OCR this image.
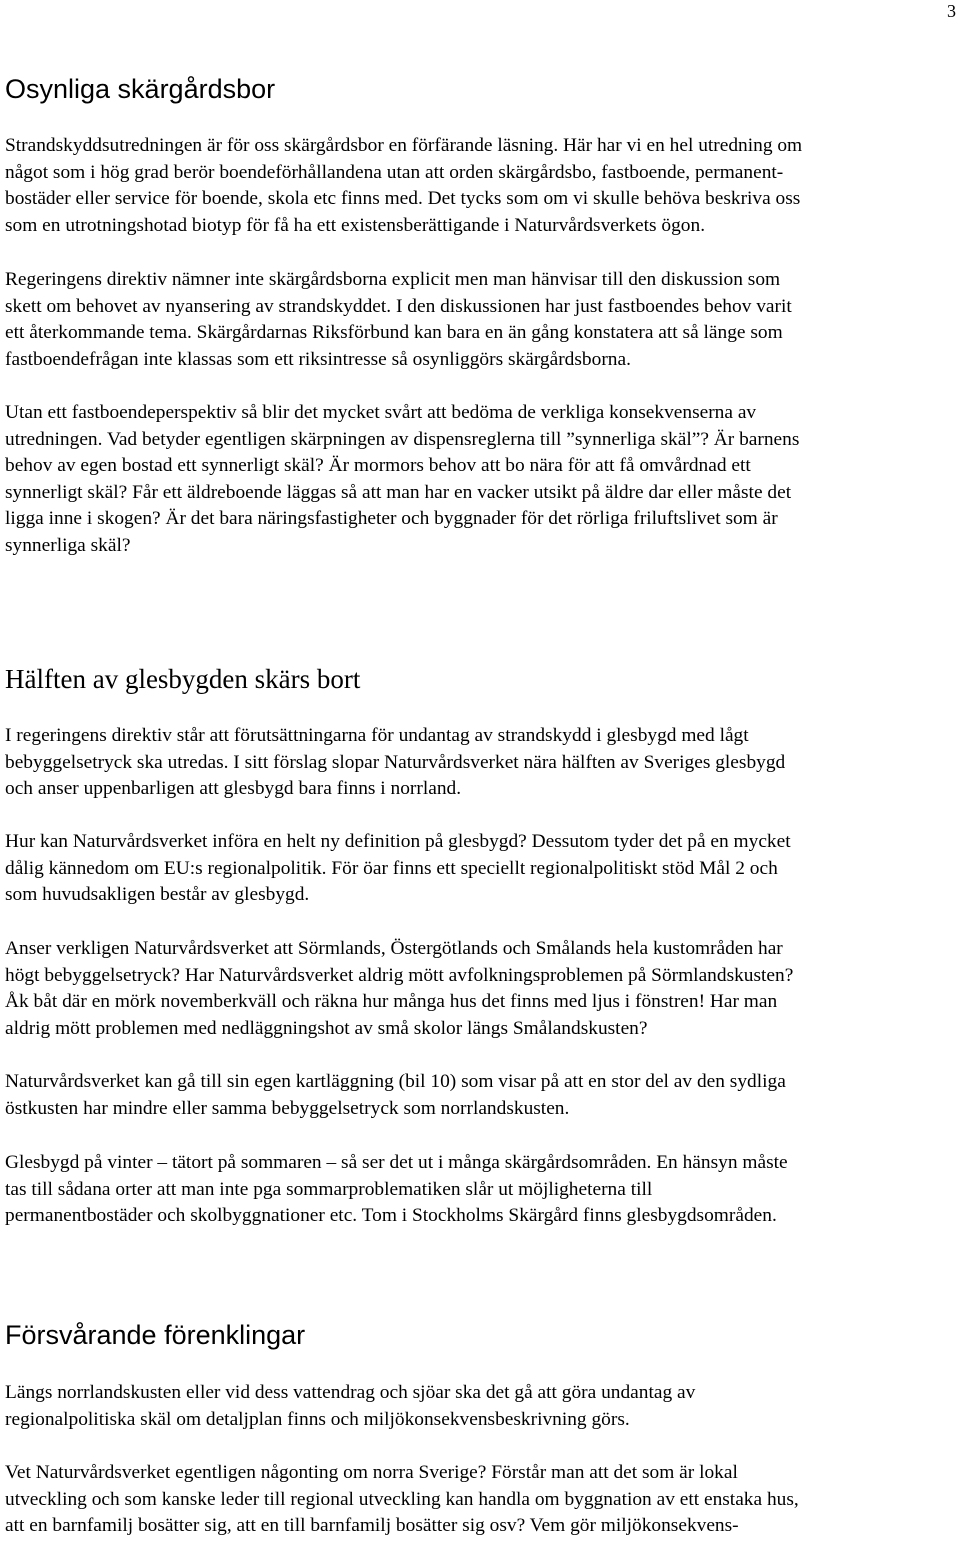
3
Osynliga skärgårdsbor
Strandskyddsutredningen är för oss skärgårdsbor en förfärande läsning. Här har vi en hel utredning om
något som i hög grad berör boendeförhållandena utan att orden skärgårdsbo, fastboende, permanent-
bostäder eller service för boende, skola etc finns med. Det tycks som om vi skulle behöva beskriva oss
som en utrotningshotad biotyp för få ha ett existensberättigande i Naturvårdsverkets ögon.
Regeringens direktiv nämner inte skärgårdsborna explicit men man hänvisar till den diskussion som
skett om behovet av nyansering av strandskyddet. I den diskussionen har just fastboendes behov varit
ett återkommande tema. Skärgårdarnas Riksförbund kan bara en än gång konstatera att så länge som
fastboendefrågan inte klassas som ett riksintresse så osynliggörs skärgårdsborna.
Utan ett fastboendeperspektiv så blir det mycket svårt att bedöma de verkliga konsekvenserna av
utredningen. Vad betyder egentligen skärpningen av dispensreglerna till ”synnerliga skäl”? Är barnens
behov av egen bostad ett synnerligt skäl? Är mormors behov att bo nära för att få omvårdnad ett
synnerligt skäl? Får ett äldreboende läggas så att man har en vacker utsikt på äldre dar eller måste det
ligga inne i skogen? Är det bara näringsfastigheter och byggnader för det rörliga friluftslivet som är
synnerliga skäl?
Hälften av glesbygden skärs bort
I regeringens direktiv står att förutsättningarna för undantag av strandskydd i glesbygd med lågt
bebyggelsetryck ska utredas. I sitt förslag slopar Naturvårdsverket nära hälften av Sveriges glesbygd
och anser uppenbarligen att glesbygd bara finns i norrland.
Hur kan Naturvårdsverket införa en helt ny definition på glesbygd? Dessutom tyder det på en mycket
dålig kännedom om EU:s regionalpolitik. För öar finns ett speciellt regionalpolitiskt stöd Mål 2 och
som huvudsakligen består av glesbygd.
Anser verkligen Naturvårdsverket att Sörmlands, Östergötlands och Smålands hela kustområden har
högt bebyggelsetryck? Har Naturvårdsverket aldrig mött avfolkningsproblemen på Sörmlandskusten?
Åk båt där en mörk novemberkväll och räkna hur många hus det finns med ljus i fönstren! Har man
aldrig mött problemen med nedläggningshot av små skolor längs Smålandskusten?
Naturvårdsverket kan gå till sin egen kartläggning (bil 10) som visar på att en stor del av den sydliga
östkusten har mindre eller samma bebyggelsetryck som norrlandskusten.
Glesbygd på vinter – tätort på sommaren – så ser det ut i många skärgårdsområden. En hänsyn måste
tas till sådana orter att man inte pga sommarproblematiken slår ut möjligheterna till
permanentbostäder och skolbyggnationer etc. Tom i Stockholms Skärgård finns glesbygdsområden.
Försvårande förenklingar
Längs norrlandskusten eller vid dess vattendrag och sjöar ska det gå att göra undantag av
regionalpolitiska skäl om detaljplan finns och miljökonsekvensbeskrivning görs.
Vet Naturvårdsverket egentligen någonting om norra Sverige? Förstår man att det som är lokal
utveckling och som kanske leder till regional utveckling kan handla om byggnation av ett enstaka hus,
att en barnfamilj bosätter sig, att en till barnfamilj bosätter sig osv? Vem gör miljökonsekvens-
